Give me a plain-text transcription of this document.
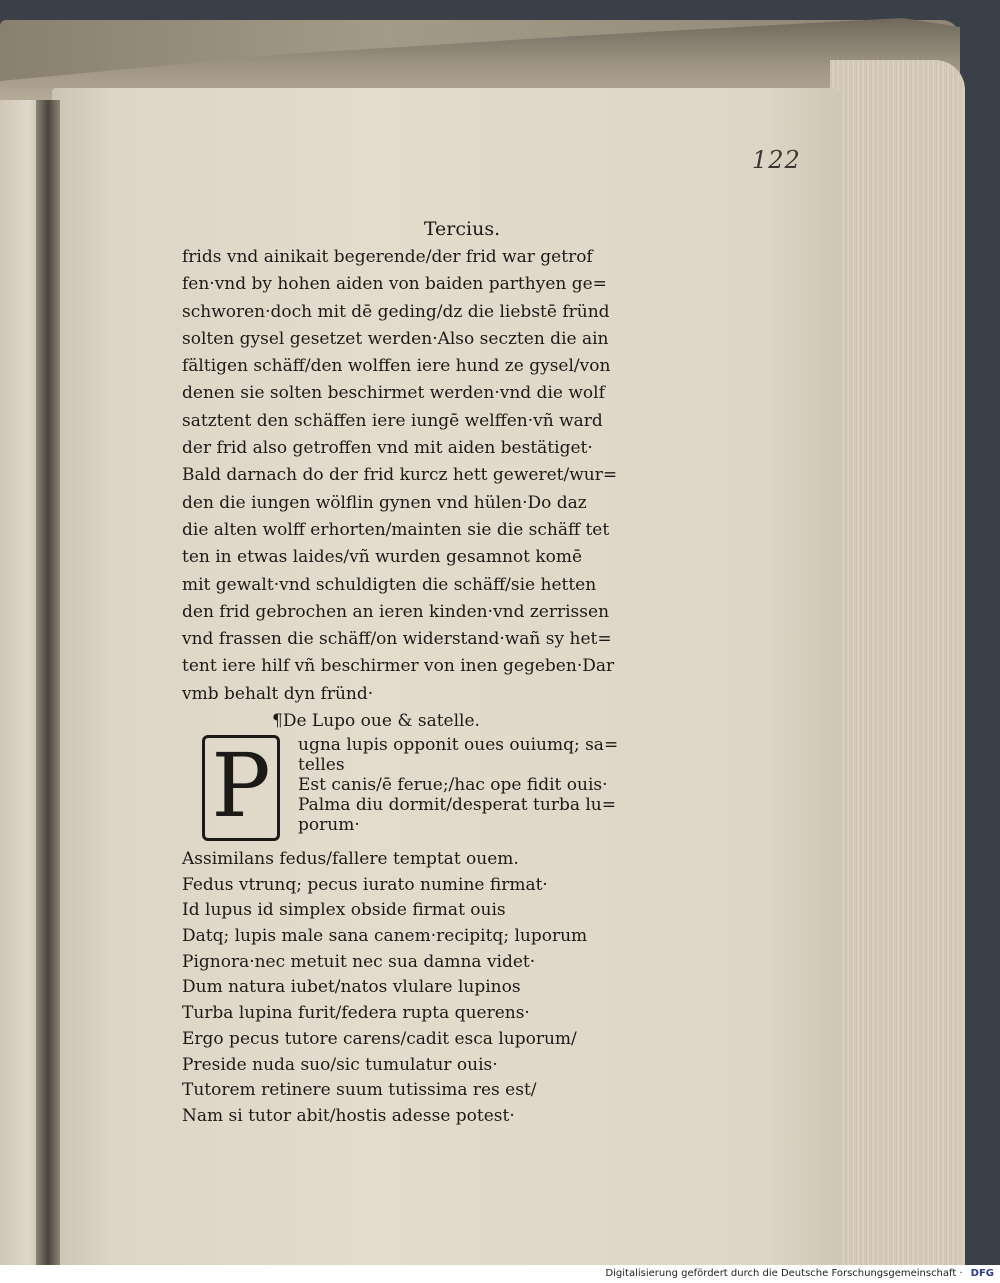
122
Tercius.
frids vnd ainikait begerende/der frid war getrof
fen·vnd by hohen aiden von baiden parthyen ge=
schworen·doch mit dē geding/dz die liebstē fründ
solten gysel gesetzet werden·Also seczten die ain
fältigen schäff/den wolffen iere hund ze gysel/von
denen sie solten beschirmet werden·vnd die wolf
satztent den schäffen iere iungē welffen·vñ ward
der frid also getroffen vnd mit aiden bestätiget·
Bald darnach do der frid kurcz hett geweret/wur=
den die iungen wölflin gynen vnd hülen·Do daz
die alten wolff erhorten/mainten sie die schäff tet
ten in etwas laides/vñ wurden gesamnot komē
mit gewalt·vnd schuldigten die schäff/sie hetten
den frid gebrochen an ieren kinden·vnd zerrissen
vnd frassen die schäff/on widerstand·wañ sy het=
tent iere hilf vñ beschirmer von inen gegeben·Dar
vmb behalt dyn fründ·
¶De Lupo oue & satelle.
P	ugna lupis opponit oues ouiumq; sa=
telles
Est canis/ē ferue;/hac ope fidit ouis·
Palma diu dormit/desperat turba lu=
porum·
Assimilans fedus/fallere temptat ouem.
Fedus vtrunq; pecus iurato numine firmat·
Id lupus id simplex obside firmat ouis
Datq; lupis male sana canem·recipitq; luporum
Pignora·nec metuit nec sua damna videt·
Dum natura iubet/natos vlulare lupinos
Turba lupina furit/federa rupta querens·
Ergo pecus tutore carens/cadit esca luporum/
Preside nuda suo/sic tumulatur ouis·
Tutorem retinere suum tutissima res est/
Nam si tutor abit/hostis adesse potest·
Digitalisierung gefördert durch die Deutsche Forschungsgemeinschaft · DFG
